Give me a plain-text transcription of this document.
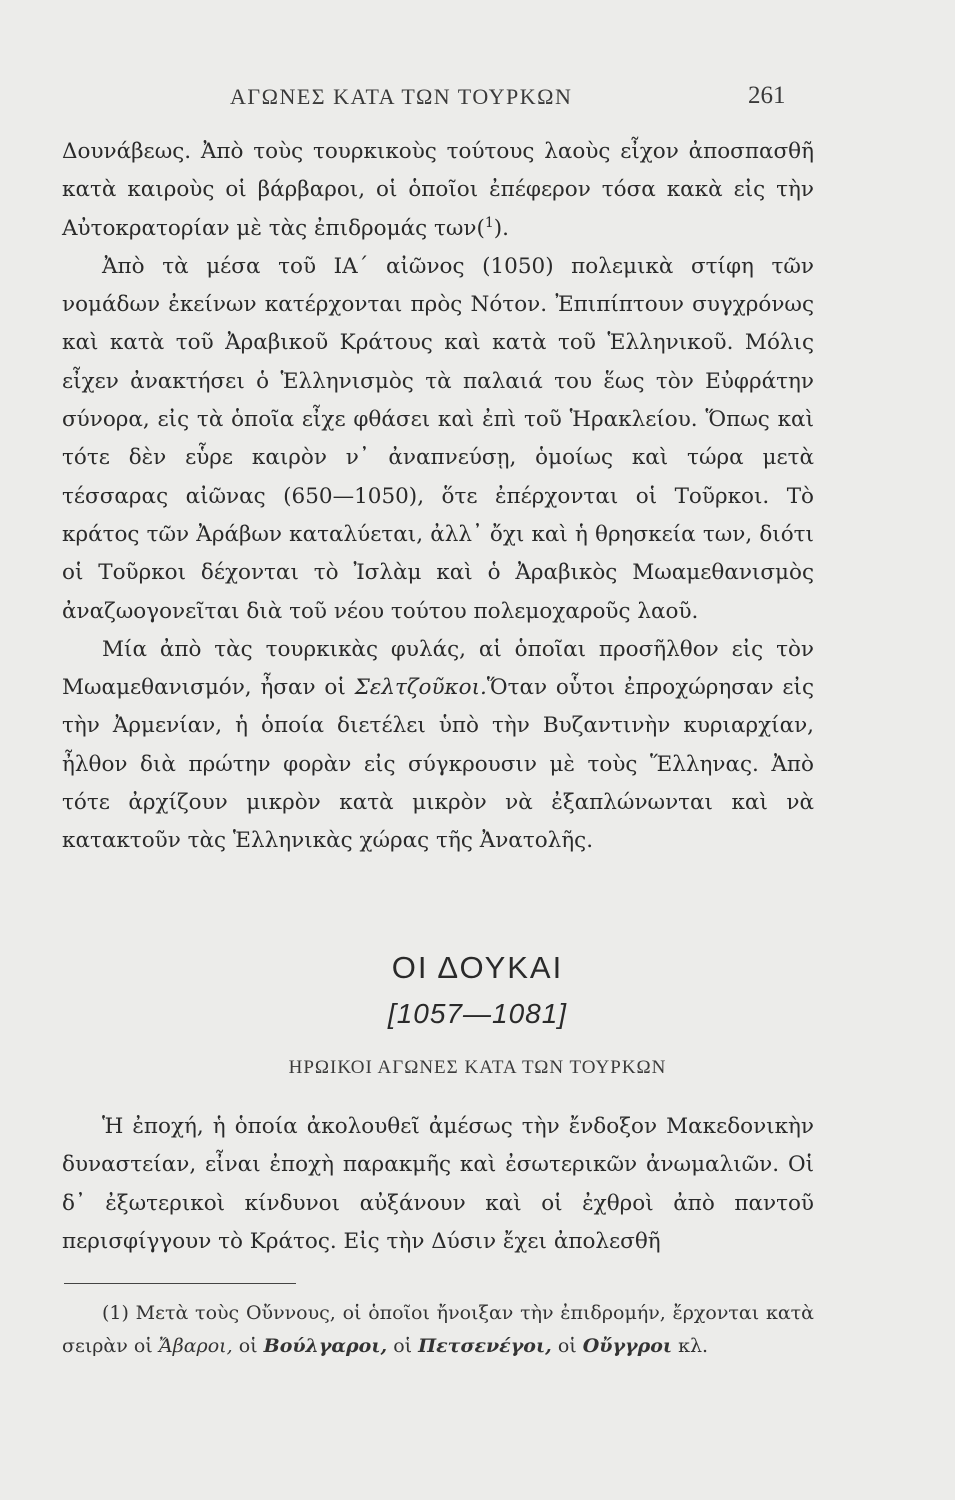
ΑΓΩΝΕΣ ΚΑΤΑ ΤΩΝ ΤΟΥΡΚΩΝ	261

Δουνάβεως. Ἀπὸ τοὺς τουρκικοὺς τούτους λαοὺς εἶχον ἀποσπασθῆ κατὰ καιροὺς οἱ βάρβαροι, οἱ ὁποῖοι ἐπέφερον τόσα κακὰ εἰς τὴν Αὐτοκρατορίαν μὲ τὰς ἐπιδρομάς των($^1$).

Ἀπὸ τὰ μέσα τοῦ ΙΑ΄ αἰῶνος (1050) πολεμικὰ στίφη τῶν νομάδων ἐκείνων κατέρχονται πρὸς Νότον. Ἐπιπίπτουν συγχρόνως καὶ κατὰ τοῦ Ἀραβικοῦ Κράτους καὶ κατὰ τοῦ Ἑλληνικοῦ. Μόλις εἶχεν ἀνακτήσει ὁ Ἑλληνισμὸς τὰ παλαιά του ἕως τὸν Εὐφράτην σύνορα, εἰς τὰ ὁποῖα εἶχε φθάσει καὶ ἐπὶ τοῦ Ἡρακλείου. Ὅπως καὶ τότε δὲν εὗρε καιρὸν ν᾽ ἀναπνεύσῃ, ὁμοίως καὶ τώρα μετὰ τέσσαρας αἰῶνας (650—1050), ὅτε ἐπέρχονται οἱ Τοῦρκοι. Τὸ κράτος τῶν Ἀράβων καταλύεται, ἀλλ᾽ ὄχι καὶ ἡ θρησκεία των, διότι οἱ Τοῦρκοι δέχονται τὸ Ἰσλὰμ καὶ ὁ Ἀραβικὸς Μωαμεθανισμὸς ἀναζωογονεῖται διὰ τοῦ νέου τούτου πολεμοχαροῦς λαοῦ.

Μία ἀπὸ τὰς τουρκικὰς φυλάς, αἱ ὁποῖαι προσῆλθον εἰς τὸν Μωαμεθανισμόν, ἦσαν οἱ Σελτζοῦκοι.Ὅταν οὗτοι ἐπροχώρησαν εἰς τὴν Ἀρμενίαν, ἡ ὁποία διετέλει ὑπὸ τὴν Βυζαντινὴν κυριαρχίαν, ἦλθον διὰ πρώτην φορὰν εἰς σύγκρουσιν μὲ τοὺς Ἕλληνας. Ἀπὸ τότε ἀρχίζουν μικρὸν κατὰ μικρὸν νὰ ἐξαπλώνωνται καὶ νὰ κατακτοῦν τὰς Ἑλληνικὰς χώρας τῆς Ἀνατολῆς.

ΟΙ ΔΟΥΚΑΙ
[1057—1081]
ΗΡΩΙΚΟΙ ΑΓΩΝΕΣ ΚΑΤΑ ΤΩΝ ΤΟΥΡΚΩΝ

Ἡ ἐποχή, ἡ ὁποία ἀκολουθεῖ ἀμέσως τὴν ἔνδοξον Μακεδονικὴν δυναστείαν, εἶναι ἐποχὴ παρακμῆς καὶ ἐσωτερικῶν ἀνωμαλιῶν. Οἱ δ᾽ ἐξωτερικοὶ κίνδυνοι αὐξάνουν καὶ οἱ ἐχθροὶ ἀπὸ παντοῦ περισφίγγουν τὸ Κράτος. Εἰς τὴν Δύσιν ἔχει ἀπολεσθῆ

(1) Μετὰ τοὺς Οὔννους, οἱ ὁποῖοι ἤνοιξαν τὴν ἐπιδρομήν, ἔρχονται κατὰ σειρὰν οἱ Ἄβαροι, οἱ Βούλγαροι, οἱ Πετσενέγοι, οἱ Οὔγγροι κλ.
